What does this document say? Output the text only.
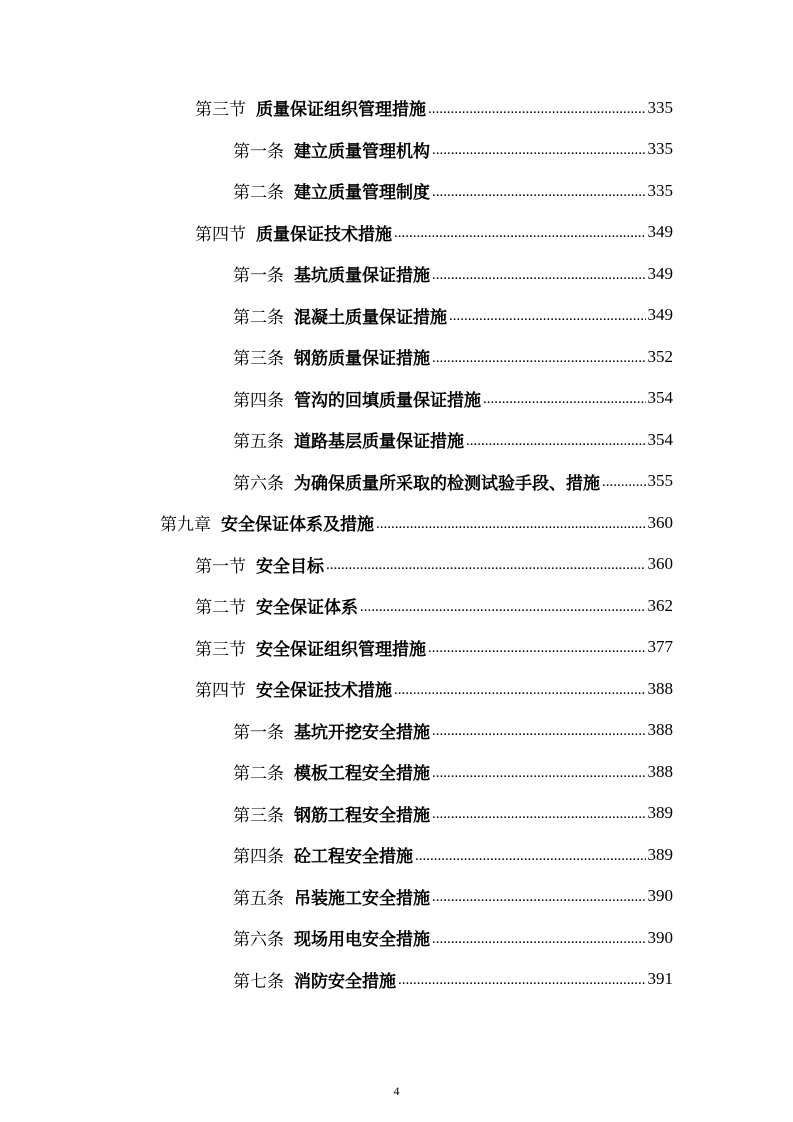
第三节 质量保证组织管理措施 .....	335
第一条 建立质量管理机构 .....	335
第二条 建立质量管理制度 .....	335
第四节 质量保证技术措施 .....	349
第一条 基坑质量保证措施 .....	349
第二条 混凝土质量保证措施 .....	349
第三条 钢筋质量保证措施 .....	352
第四条 管沟的回填质量保证措施 .....	354
第五条 道路基层质量保证措施 .....	354
第六条 为确保质量所采取的检测试验手段、措施 .....	355
第九章 安全保证体系及措施 .....	360
第一节 安全目标 .....	360
第二节 安全保证体系 .....	362
第三节 安全保证组织管理措施 .....	377
第四节 安全保证技术措施 .....	388
第一条 基坑开挖安全措施 .....	388
第二条 模板工程安全措施 .....	388
第三条 钢筋工程安全措施 .....	389
第四条 砼工程安全措施 .....	389
第五条 吊装施工安全措施 .....	390
第六条 现场用电安全措施 .....	390
第七条 消防安全措施 .....	391
4
